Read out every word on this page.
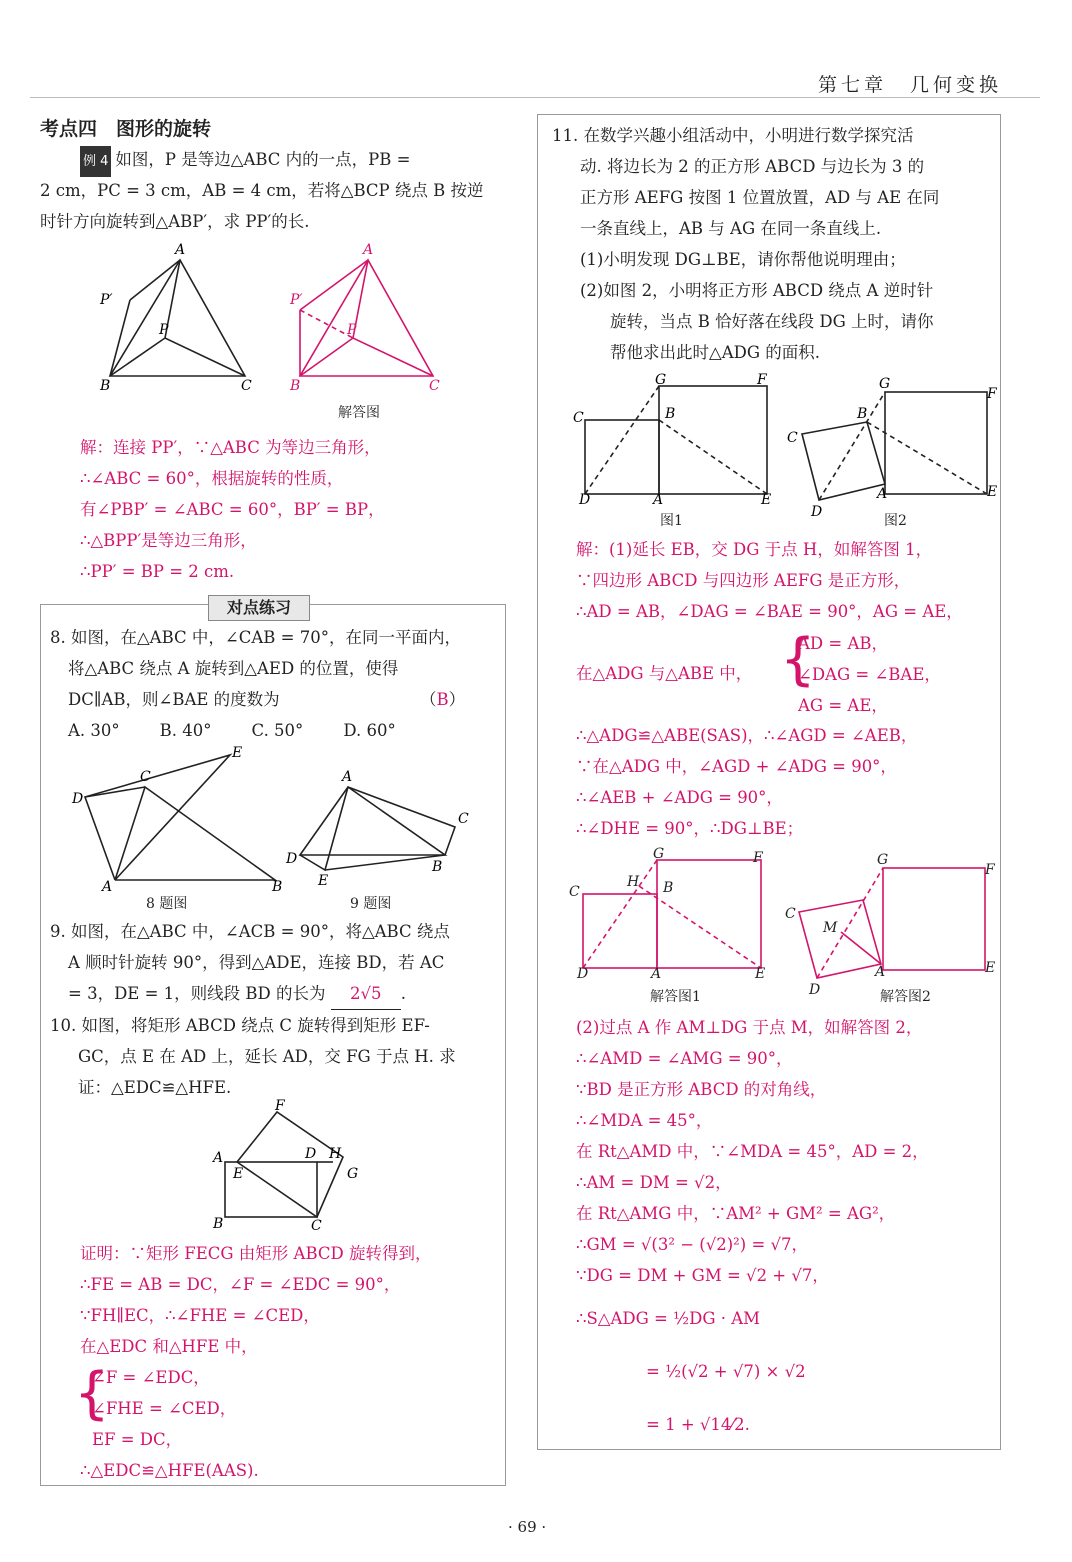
第七章　几何变换
考点四　图形的旋转
例 4 如图，P 是等边△ABC 内的一点，PB =
2 cm，PC = 3 cm，AB = 4 cm，若将△BCP 绕点 B 按逆
时针方向旋转到△ABP′，求 PP′的长.
A
P′
P
B	C
A
P′
P
B	C
解答图
解：连接 PP′，∵△ABC 为等边三角形，
∴∠ABC = 60°，根据旋转的性质，
有∠PBP′ = ∠ABC = 60°，BP′ = BP，
∴△BPP′是等边三角形，
∴PP′ = BP = 2 cm.
对点练习
8. 如图，在△ABC 中，∠CAB = 70°，在同一平面内，
将△ABC 绕点 A 旋转到△AED 的位置，使得
DC∥AB，则∠BAE 的度数为	（B）
A. 30° B. 40° C. 50° D. 60°
D
C
E
A	B
A
C
D
E
B
8 题图	9 题图
9. 如图，在△ABC 中，∠ACB = 90°，将△ABC 绕点
A 顺时针旋转 90°，得到△ADE，连接 BD，若 AC
= 3，DE = 1，则线段 BD 的长为 2√5 .
10. 如图，将矩形 ABCD 绕点 C 旋转得到矩形 EF-
GC，点 E 在 AD 上，延长 AD，交 FG 于点 H. 求
证：△EDC≌△HFE.
A
F
D H
G
E
B	C
证明：∵矩形 FECG 由矩形 ABCD 旋转得到，
∴FE = AB = DC，∠F = ∠EDC = 90°，
∵FH∥EC，∴∠FHE = ∠CED，
在△EDC 和△HFE 中，
{
∠F = ∠EDC，
∠FHE = ∠CED，
EF = DC，
∴△EDC≌△HFE(AAS).
11. 在数学兴趣小组活动中，小明进行数学探究活
动. 将边长为 2 的正方形 ABCD 与边长为 3 的
正方形 AEFG 按图 1 位置放置，AD 与 AE 在同
一条直线上，AB 与 AG 在同一条直线上.
(1)小明发现 DG⊥BE，请你帮他说明理由；
(2)如图 2，小明将正方形 ABCD 绕点 A 逆时针
旋转，当点 B 恰好落在线段 DG 上时，请你
帮他求出此时△ADG 的面积.
C
G	F
B
D	A	E
C
G
F
B
D
A	E
图1	图2
解：(1)延长 EB，交 DG 于点 H，如解答图 1，
∵四边形 ABCD 与四边形 AEFG 是正方形，
∴AD = AB，∠DAG = ∠BAE = 90°，AG = AE，
在△ADG 与△ABE 中， {
AD = AB，
∠DAG = ∠BAE，
AG = AE，
∴△ADG≌△ABE(SAS)，∴∠AGD = ∠AEB，
∵在△ADG 中，∠AGD + ∠ADG = 90°，
∴∠AEB + ∠ADG = 90°，
∴∠DHE = 90°，∴DG⊥BE；
C
G	F
H B
D	A	E
C
G
F
M
D
A	E
解答图1	解答图2
(2)过点 A 作 AM⊥DG 于点 M，如解答图 2，
∴∠AMD = ∠AMG = 90°，
∵BD 是正方形 ABCD 的对角线，
∴∠MDA = 45°，
在 Rt△AMD 中，∵∠MDA = 45°，AD = 2，
∴AM = DM = √2，
在 Rt△AMG 中，∵AM² + GM² = AG²，
∴GM = √(3² − (√2)²) = √7，
∵DG = DM + GM = √2 + √7，
∴S△ADG = ½DG · AM
= ½(√2 + √7) × √2
= 1 + √14⁄2.
· 69 ·
